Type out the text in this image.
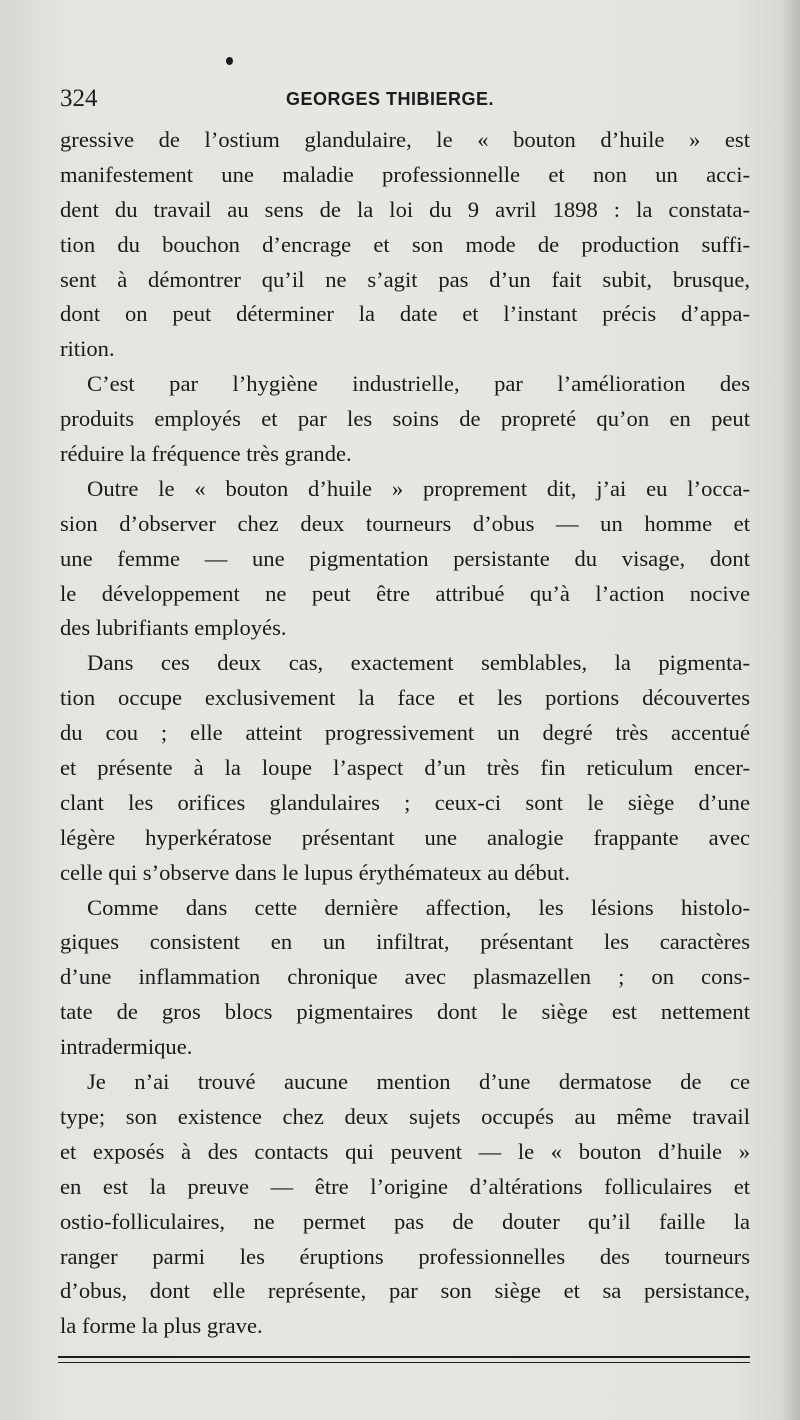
324	GEORGES THIBIERGE.
gressive de l’ostium glandulaire, le « bouton d’huile » est
manifestement une maladie professionnelle et non un acci-
dent du travail au sens de la loi du 9 avril 1898 : la constata-
tion du bouchon d’encrage et son mode de production suffi-
sent à démontrer qu’il ne s’agit pas d’un fait subit, brusque,
dont on peut déterminer la date et l’instant précis d’appa-
rition.
C’est par l’hygiène industrielle, par l’amélioration des
produits employés et par les soins de propreté qu’on en peut
réduire la fréquence très grande.
Outre le « bouton d’huile » proprement dit, j’ai eu l’occa-
sion d’observer chez deux tourneurs d’obus — un homme et
une femme — une pigmentation persistante du visage, dont
le développement ne peut être attribué qu’à l’action nocive
des lubrifiants employés.
Dans ces deux cas, exactement semblables, la pigmenta-
tion occupe exclusivement la face et les portions découvertes
du cou ; elle atteint progressivement un degré très accentué
et présente à la loupe l’aspect d’un très fin reticulum encer-
clant les orifices glandulaires ; ceux-ci sont le siège d’une
légère hyperkératose présentant une analogie frappante avec
celle qui s’observe dans le lupus érythémateux au début.
Comme dans cette dernière affection, les lésions histolo-
giques consistent en un infiltrat, présentant les caractères
d’une inflammation chronique avec plasmazellen ; on cons-
tate de gros blocs pigmentaires dont le siège est nettement
intradermique.
Je n’ai trouvé aucune mention d’une dermatose de ce
type; son existence chez deux sujets occupés au même travail
et exposés à des contacts qui peuvent — le « bouton d’huile »
en est la preuve — être l’origine d’altérations folliculaires et
ostio-folliculaires, ne permet pas de douter qu’il faille la
ranger parmi les éruptions professionnelles des tourneurs
d’obus, dont elle représente, par son siège et sa persistance,
la forme la plus grave.
